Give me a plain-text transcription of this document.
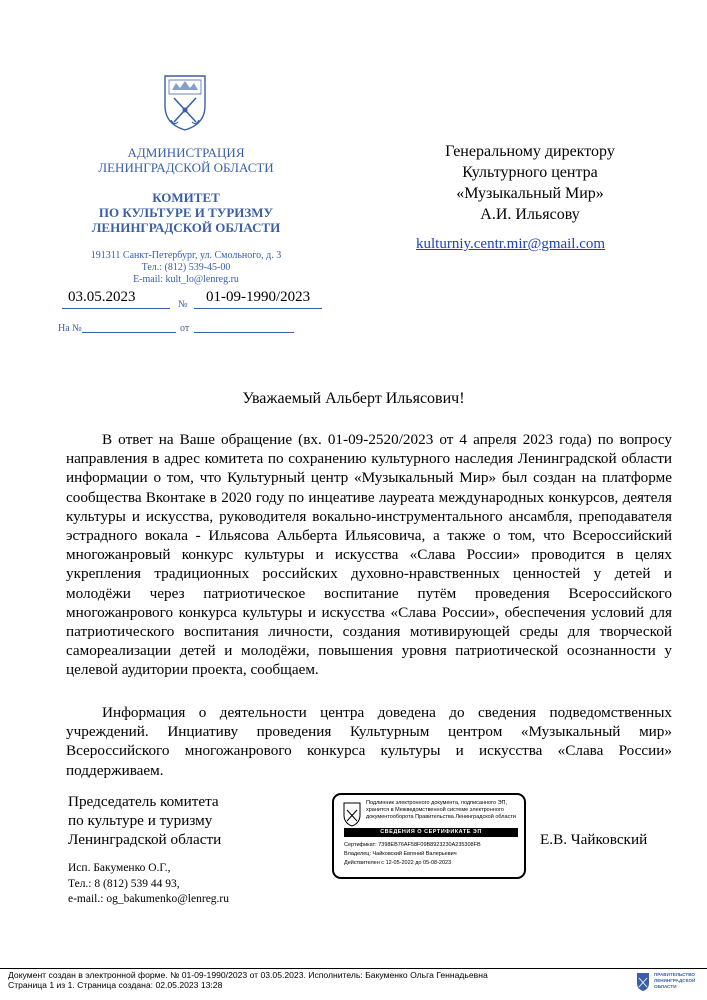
АДМИНИСТРАЦИЯ
ЛЕНИНГРАДСКОЙ ОБЛАСТИ
КОМИТЕТ
ПО КУЛЬТУРЕ И ТУРИЗМУ
ЛЕНИНГРАДСКОЙ ОБЛАСТИ
191311 Санкт-Петербург, ул. Смольного, д. 3
Тел.: (812) 539-45-00
E-mail: kult_lo@lenreg.ru
03.05.2023	№ 01-09-1990/2023
На №	от
Генеральному директору
Культурного центра
«Музыкальный Мир»
А.И. Ильясову
kulturniy.centr.mir@gmail.com
Уважаемый Альберт Ильясович!
В ответ на Ваше обращение (вх. 01-09-2520/2023 от 4 апреля 2023 года) по вопросу направления в адрес комитета по сохранению культурного наследия Ленинградской области информации о том, что Культурный центр «Музыкальный Мир» был создан на платформе сообщества Вконтаке в 2020 году по инцеативе лауреата международных конкурсов, деятеля культуры и искусства, руководителя вокально-инструментального ансамбля, преподавателя эстрадного вокала - Ильясова Альберта Ильясовича, а также о том, что Всероссийский многожанровый конкурс культуры и искусства «Слава России» проводится в целях укрепления традиционных российских духовно-нравственных ценностей у детей и молодёжи через патриотическое воспитание путём проведения Всероссийского многожанрового конкурса культуры и искусства «Слава России», обеспечения условий для патриотического воспитания личности, создания мотивирующей среды для творческой самореализации детей и молодёжи, повышения уровня патриотической осознанности у целевой аудитории проекта, сообщаем.
Информация о деятельности центра доведена до сведения подведомственных учреждений. Инциативу проведения Культурным центром «Музыкальный мир» Всероссийского многожанрового конкурса культуры и искусства «Слава России» поддерживаем.
Председатель комитета
по культуре и туризму
Ленинградской области
Подлинник электронного документа, подписанного ЭП, хранится в Межведомственной системе электронного документооборота Правительства Ленинградской области
СВЕДЕНИЯ О СЕРТИФИКАТЕ ЭП
Сертификат: 7398EB76AF58F09B8923230A235308FB
Владелец: Чайковский Евгений Валерьевич
Действителен с 12-05-2022 до 05-08-2023
Е.В. Чайковский
Исп. Бакуменко О.Г.,
Тел.: 8 (812) 539 44 93,
e-mail.: og_bakumenko@lenreg.ru
Документ создан в электронной форме. № 01-09-1990/2023 от 03.05.2023. Исполнитель: Бакуменко Ольга Геннадьевна
Страница 1 из 1. Страница создана: 02.05.2023 13:28
ПРАВИТЕЛЬСТВО
ЛЕНИНГРАДСКОЙ
ОБЛАСТИ
